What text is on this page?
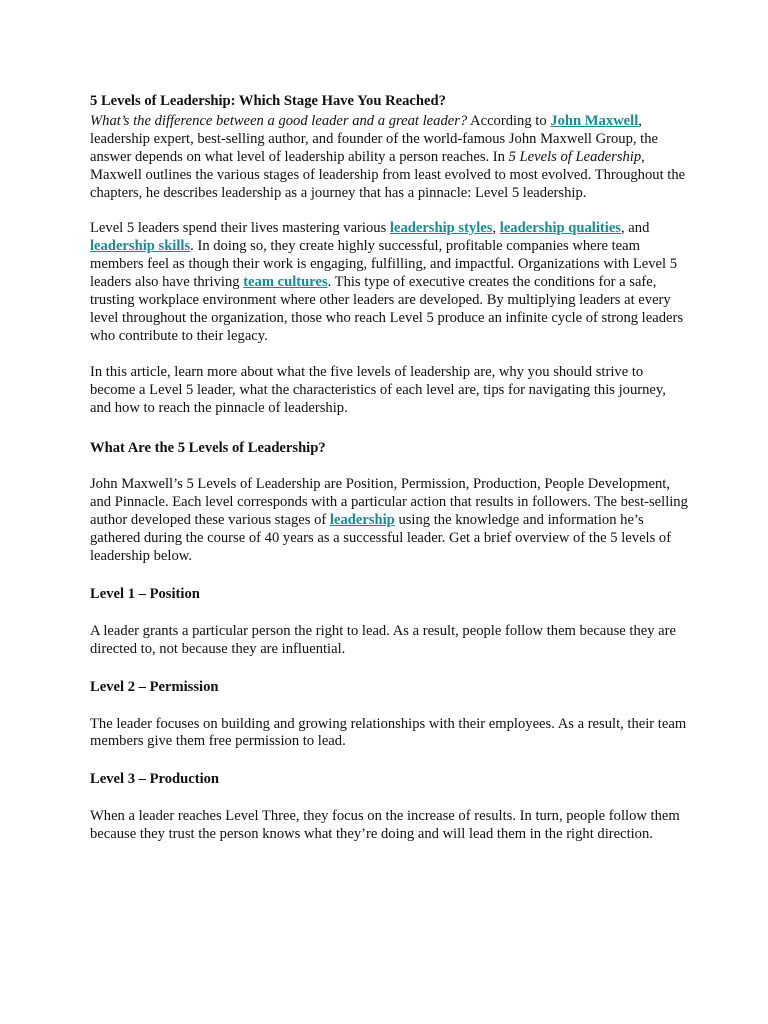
5 Levels of Leadership: Which Stage Have You Reached?

What’s the difference between a good leader and a great leader? According to John Maxwell, leadership expert, best-selling author, and founder of the world-famous John Maxwell Group, the answer depends on what level of leadership ability a person reaches. In 5 Levels of Leadership, Maxwell outlines the various stages of leadership from least evolved to most evolved. Throughout the chapters, he describes leadership as a journey that has a pinnacle: Level 5 leadership.

Level 5 leaders spend their lives mastering various leadership styles, leadership qualities, and leadership skills. In doing so, they create highly successful, profitable companies where team members feel as though their work is engaging, fulfilling, and impactful. Organizations with Level 5 leaders also have thriving team cultures. This type of executive creates the conditions for a safe, trusting workplace environment where other leaders are developed. By multiplying leaders at every level throughout the organization, those who reach Level 5 produce an infinite cycle of strong leaders who contribute to their legacy.

In this article, learn more about what the five levels of leadership are, why you should strive to become a Level 5 leader, what the characteristics of each level are, tips for navigating this journey, and how to reach the pinnacle of leadership.

What Are the 5 Levels of Leadership?

John Maxwell’s 5 Levels of Leadership are Position, Permission, Production, People Development, and Pinnacle. Each level corresponds with a particular action that results in followers. The best-selling author developed these various stages of leadership using the knowledge and information he’s gathered during the course of 40 years as a successful leader. Get a brief overview of the 5 levels of leadership below.

Level 1 – Position

A leader grants a particular person the right to lead. As a result, people follow them because they are directed to, not because they are influential.

Level 2 – Permission

The leader focuses on building and growing relationships with their employees. As a result, their team members give them free permission to lead.

Level 3 – Production

When a leader reaches Level Three, they focus on the increase of results. In turn, people follow them because they trust the person knows what they’re doing and will lead them in the right direction.
